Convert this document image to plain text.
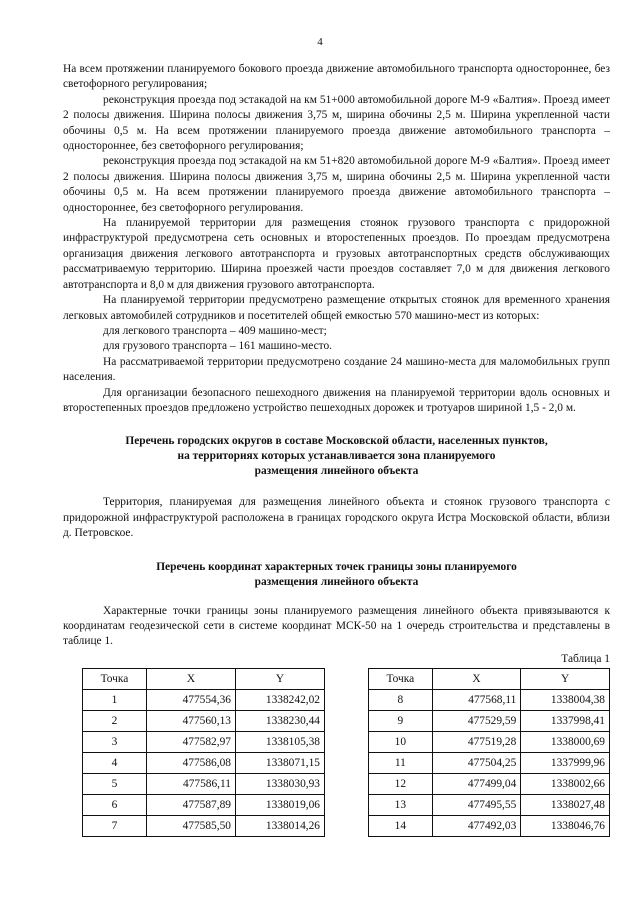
4

На всем протяжении планируемого бокового проезда движение автомобильного транспорта одностороннее, без светофорного регулирования;

реконструкция проезда под эстакадой на км 51+000 автомобильной дороге М-9 «Балтия». Проезд имеет 2 полосы движения. Ширина полосы движения 3,75 м, ширина обочины 2,5 м. Ширина укрепленной части обочины 0,5 м. На всем протяжении планируемого проезда движение автомобильного транспорта – одностороннее, без светофорного регулирования;

реконструкция проезда под эстакадой на км 51+820 автомобильной дороге М-9 «Балтия». Проезд имеет 2 полосы движения. Ширина полосы движения 3,75 м, ширина обочины 2,5 м. Ширина укрепленной части обочины 0,5 м. На всем протяжении планируемого проезда движение автомобильного транспорта – одностороннее, без светофорного регулирования.

На планируемой территории для размещения стоянок грузового транспорта с придорожной инфраструктурой предусмотрена сеть основных и второстепенных проездов. По проездам предусмотрена организация движения легкового автотранспорта и грузовых автотранспортных средств обслуживающих рассматриваемую территорию. Ширина проезжей части проездов составляет 7,0 м для движения легкового автотранспорта и 8,0 м для движения грузового автотранспорта.

На планируемой территории предусмотрено размещение открытых стоянок для временного хранения легковых автомобилей сотрудников и посетителей общей емкостью 570 машино-мест из которых:

для легкового транспорта – 409 машино-мест;

для грузового транспорта – 161 машино-место.

На рассматриваемой территории предусмотрено создание 24 машино-места для маломобильных групп населения.

Для организации безопасного пешеходного движения на планируемой территории вдоль основных и второстепенных проездов предложено устройство пешеходных дорожек и тротуаров шириной 1,5 - 2,0 м.

Перечень городских округов в составе Московской области, населенных пунктов,

на территориях которых устанавливается зона планируемого

размещения линейного объекта

Территория, планируемая для размещения линейного объекта и стоянок грузового транспорта с придорожной инфраструктурой расположена в границах городского округа Истра Московской области, вблизи д. Петровское.

Перечень координат характерных точек границы зоны планируемого

размещения линейного объекта

Характерные точки границы зоны планируемого размещения линейного объекта привязываются к координатам геодезической сети в системе координат МСК-50 на 1 очередь строительства и представлены в таблице 1.

Таблица 1

Точка	X	Y
1	477554,36	1338242,02
2	477560,13	1338230,44
3	477582,97	1338105,38
4	477586,08	1338071,15
5	477586,11	1338030,93
6	477587,89	1338019,06
7	477585,50	1338014,26
Точка	X	Y
8	477568,11	1338004,38
9	477529,59	1337998,41
10	477519,28	1338000,69
11	477504,25	1337999,96
12	477499,04	1338002,66
13	477495,55	1338027,48
14	477492,03	1338046,76
